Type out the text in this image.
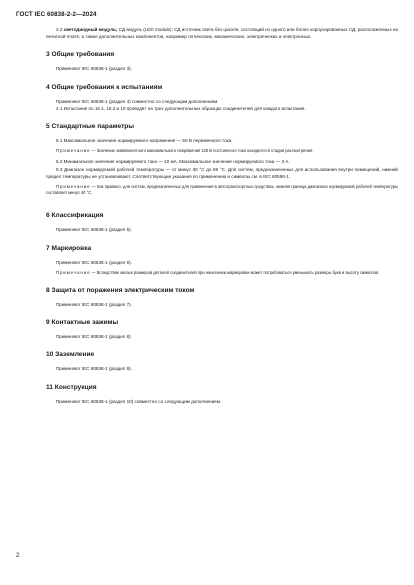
ГОСТ IEC 60838-2-2—2024

2.2 светодиодный модуль; СД модуль (LED module): СД источник света без цоколя, состоящий из одного или более корпусированных СД, расположенных на печатной плате, а также дополнительных компонентов, например оптических, механических, электрических и электронных.

3 Общие требования

Применяют IEC 60838-1 (раздел 3).

4 Общие требования к испытаниям

Применяют IEC 60838-1 (раздел 4) совместно со следующим дополнением

4.1 Испытания по 16.1, 16.2 и 19 проводят на трех дополнительных образцах соединителей для каждого испытания.

5 Стандартные параметры

5.1 Максимальное значение нормируемого напряжения — 50 В переменного тока.

Примечание — Значение эквивалентного максимального напряжения 120 В постоянного тока находится в стадии рассмотрения.

5.2 Минимальное значение нормируемого тока — 10 мА. Максимальное значение нормируемого тока — 3 А.

5.3 Диапазон нормируемой рабочей температуры — от минус 30 °С до 85 °С. Для систем, предназначенных для использования внутри помещений, нижний предел температуры не устанавливают. Соответствующие указания по применению и символы см. в IEC 60598-1.

Примечание — Как правило, для систем, предназначенных для применения в автотранспортных средствах, нижняя граница диапазона нормируемой рабочей температуры составляет минус 40 °С.

6 Классификация

Применяют IEC 60838-1 (раздел 5).

7 Маркировка

Применяют IEC 60838-1 (раздел 6).

Примечание — Вследствие малых размеров деталей соединителей при нанесении маркировки может потребоваться уменьшить размеры букв и высоту символов.

8 Защита от поражения электрическим током

Применяют IEC 60838-1 (раздел 7).

9 Контактные зажимы

Применяют IEC 60838-1 (раздел 8)

10 Заземление

Применяют IEC 60838-1 (раздел 9).

11 Конструкция

Применяют IEC 60838-1 (раздел 10) совместно со следующим дополнением.

2
